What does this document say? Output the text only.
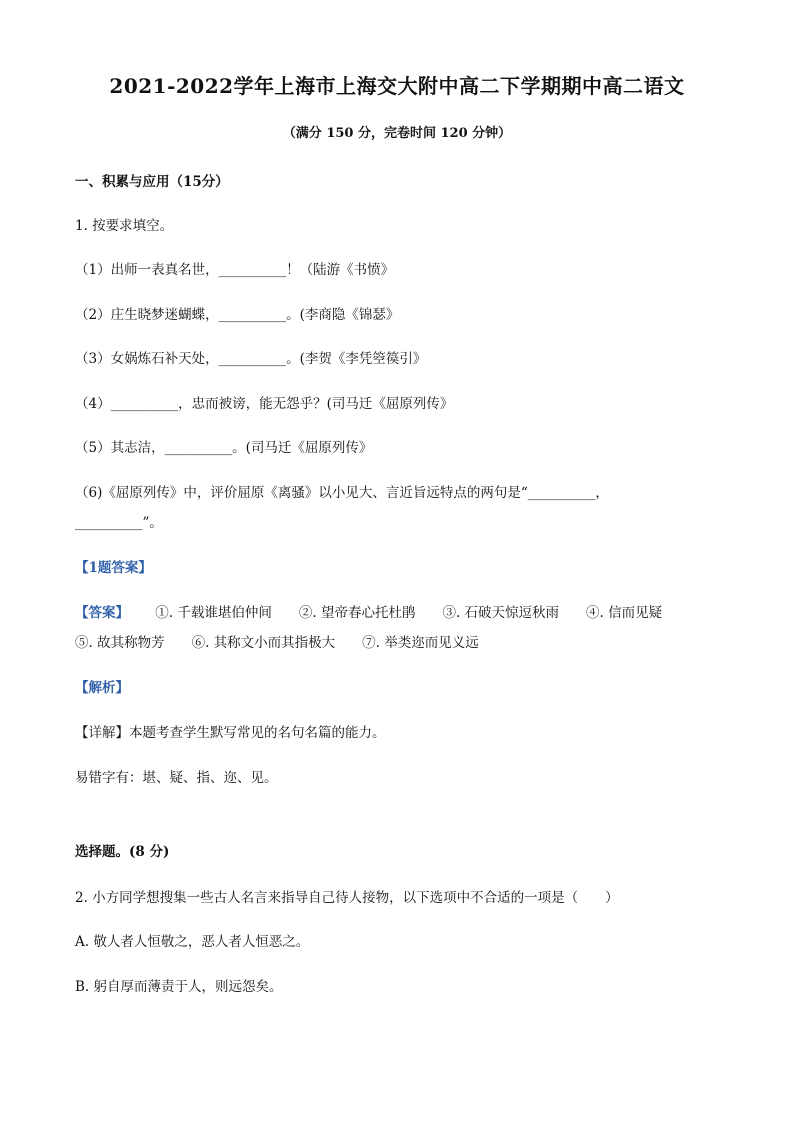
2021-2022学年上海市上海交大附中高二下学期期中高二语文
（满分 150 分，完卷时间 120 分钟）
一、积累与应用（15分）
1. 按要求填空。
（1）出师一表真名世，__________！（陆游《书愤》
（2）庄生晓梦迷蝴蝶，__________。(李商隐《锦瑟》
（3）女娲炼石补天处，__________。(李贺《李凭箜篌引》
（4）__________，忠而被谤，能无怨乎？(司马迁《屈原列传》
（5）其志洁，__________。(司马迁《屈原列传》
（6)《屈原列传》中，评价屈原《离骚》以小见大、言近旨远特点的两句是“__________，
__________”。
【1题答案】
【答案】 ①. 千载谁堪伯仲间　　②. 望帝春心托杜鹃　　③. 石破天惊逗秋雨　　④. 信而见疑
⑤. 故其称物芳　　⑥. 其称文小而其指极大　　⑦. 举类迩而见义远
【解析】
【详解】本题考查学生默写常见的名句名篇的能力。
易错字有：堪、疑、指、迩、见。
选择题。(8 分)
2. 小方同学想搜集一些古人名言来指导自己待人接物，以下选项中不合适的一项是（　　）
A. 敬人者人恒敬之，恶人者人恒恶之。
B. 躬自厚而薄责于人，则远怨矣。
